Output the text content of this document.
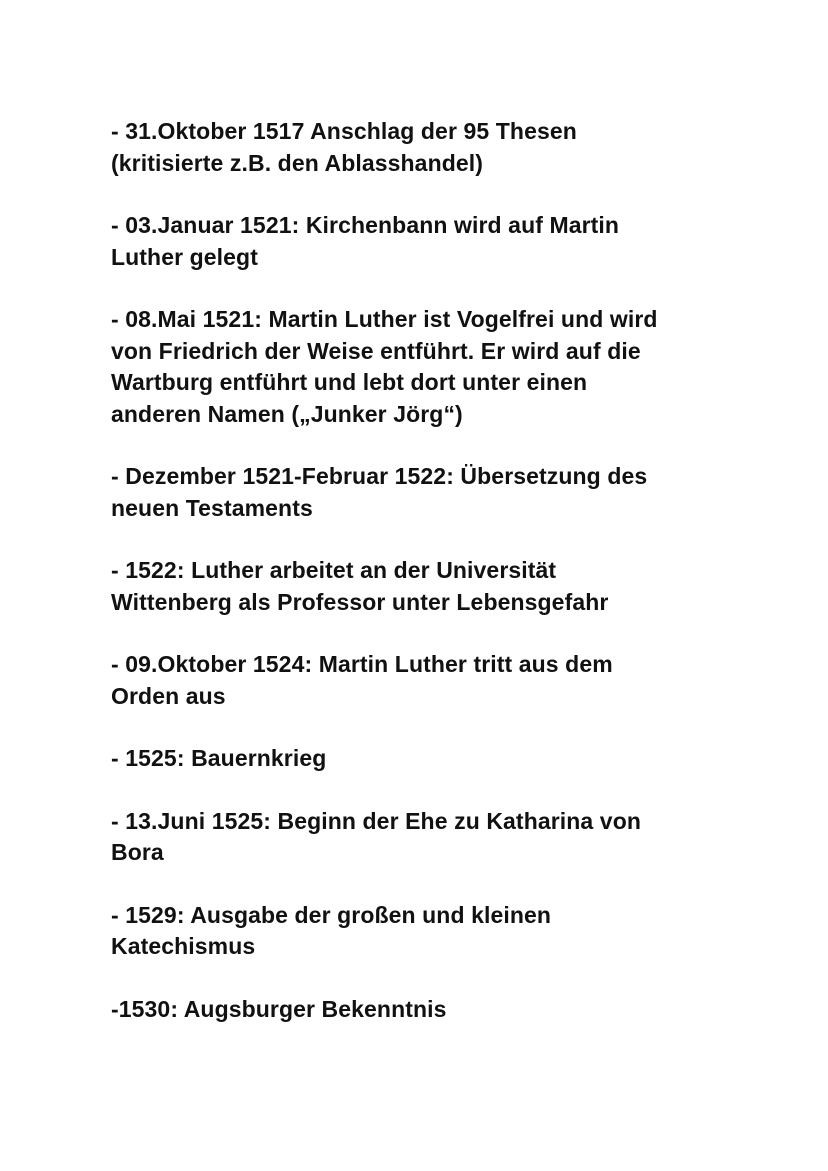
- 31.Oktober 1517 Anschlag der 95 Thesen
(kritisierte z.B. den Ablasshandel)

- 03.Januar 1521: Kirchenbann wird auf Martin
Luther gelegt

- 08.Mai 1521: Martin Luther ist Vogelfrei und wird
von Friedrich der Weise entführt. Er wird auf die
Wartburg entführt und lebt dort unter einen
anderen Namen („Junker Jörg“)

- Dezember 1521-Februar 1522: Übersetzung des
neuen Testaments

- 1522: Luther arbeitet an der Universität
Wittenberg als Professor unter Lebensgefahr

- 09.Oktober 1524: Martin Luther tritt aus dem
Orden aus

- 1525: Bauernkrieg

- 13.Juni 1525: Beginn der Ehe zu Katharina von
Bora

- 1529: Ausgabe der großen und kleinen
Katechismus

-1530: Augsburger Bekenntnis
